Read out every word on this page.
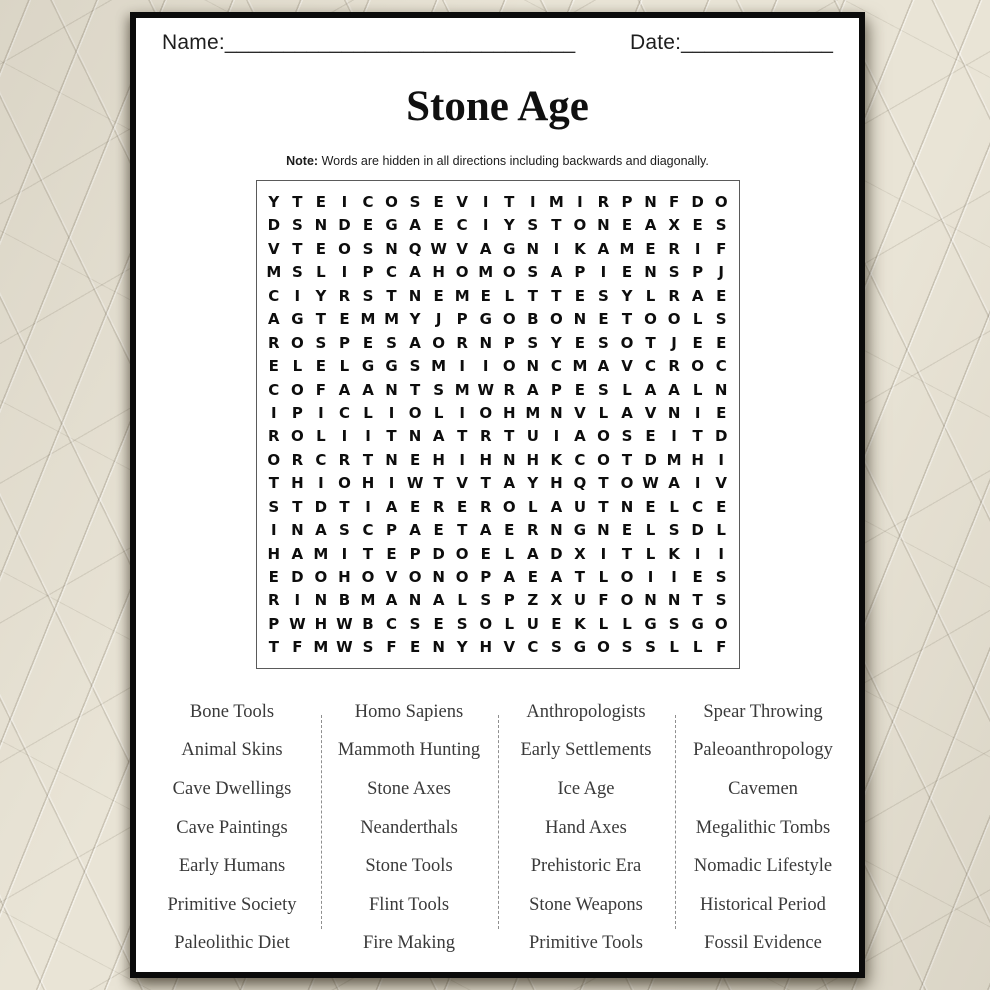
Name:______________________________	Date:_____________
Stone Age
Note: Words are hidden in all directions including backwards and diagonally.
Y T E	I	C O S E V I	T	I M I R P N F D O
D S N D E G A E C	I	Y S T O N E A X E S
V T E O S N Q W V A G N I K A M E R I	F
M S L	I	P C A H O M O S A P	I	E N S P	J
C	I	Y R S T N E M E L T T E S Y L R A E
A G T E M M Y	J	P G O B O N E T O O L S
R O S P E S A O R N P S Y E S O T	J	E E
E L E L G G S M I	I O N C M A V C R O C
C O F A A N T S M W R A P E S L A A L N
I	P	I	C L	I O L	I O H M N V L A V N I	E
R O L	I	I	T N A T R T U I A O S E	I	T D
O R C R T N E H I H N H K C O T D M H I
T H I O H I W T V T A Y H Q T O W A I V
S T D T	I A E R E R O L A U T N E L C E
I N A S C P A E T A E R N G N E L S D L
H A M I	T E P D O E L A D X I	T L K I	I
E D O H O V O N O P A E A T L O I	I	E S
R I N B M A N A L S P Z X U F O N N T S
P W H W B C S E S O L U E K L L G S G O
T F M W S F E N Y H V C S G O S S L L F
Bone Tools
Animal Skins
Cave Dwellings
Cave Paintings
Early Humans
Primitive Society
Paleolithic Diet
Homo Sapiens
Mammoth Hunting
Stone Axes
Neanderthals
Stone Tools
Flint Tools
Fire Making
Anthropologists
Early Settlements
Ice Age
Hand Axes
Prehistoric Era
Stone Weapons
Primitive Tools
Spear Throwing
Paleoanthropology
Cavemen
Megalithic Tombs
Nomadic Lifestyle
Historical Period
Fossil Evidence
